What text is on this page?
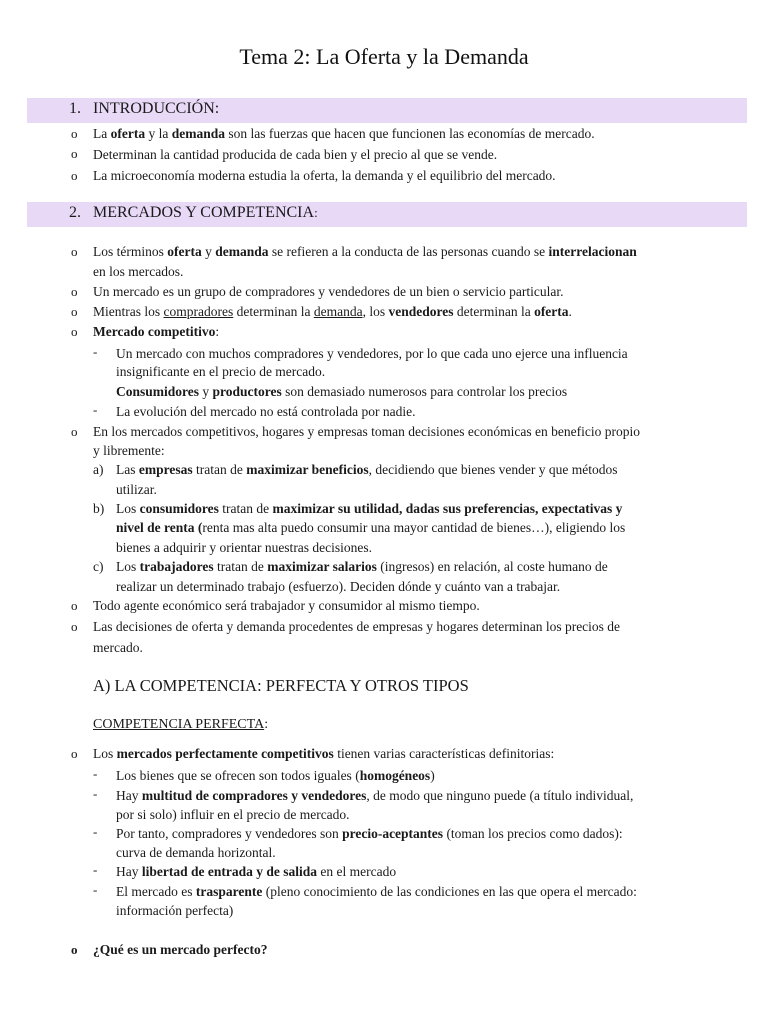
Tema 2: La Oferta y la Demanda
1. INTRODUCCIÓN:
o La oferta y la demanda son las fuerzas que hacen que funcionen las economías de mercado.
o Determinan la cantidad producida de cada bien y el precio al que se vende.
o La microeconomía moderna estudia la oferta, la demanda y el equilibrio del mercado.
2. MERCADOS Y COMPETENCIA:
o Los términos oferta y demanda se refieren a la conducta de las personas cuando se interrelacionan
en los mercados.
o Un mercado es un grupo de compradores y vendedores de un bien o servicio particular.
o Mientras los compradores determinan la demanda, los vendedores determinan la oferta.
o Mercado competitivo:
- Un mercado con muchos compradores y vendedores, por lo que cada uno ejerce una influencia
insignificante en el precio de mercado.
Consumidores y productores son demasiado numerosos para controlar los precios
- La evolución del mercado no está controlada por nadie.
o En los mercados competitivos, hogares y empresas toman decisiones económicas en beneficio propio
y libremente:
a) Las empresas tratan de maximizar beneficios, decidiendo que bienes vender y que métodos
utilizar.
b) Los consumidores tratan de maximizar su utilidad, dadas sus preferencias, expectativas y
nivel de renta (renta mas alta puedo consumir una mayor cantidad de bienes…), eligiendo los
bienes a adquirir y orientar nuestras decisiones.
c) Los trabajadores tratan de maximizar salarios (ingresos) en relación, al coste humano de
realizar un determinado trabajo (esfuerzo). Deciden dónde y cuánto van a trabajar.
o Todo agente económico será trabajador y consumidor al mismo tiempo.
o Las decisiones de oferta y demanda procedentes de empresas y hogares determinan los precios de
mercado.
A) LA COMPETENCIA: PERFECTA Y OTROS TIPOS
COMPETENCIA PERFECTA:
o Los mercados perfectamente competitivos tienen varias características definitorias:
- Los bienes que se ofrecen son todos iguales (homogéneos)
- Hay multitud de compradores y vendedores, de modo que ninguno puede (a título individual,
por si solo) influir en el precio de mercado.
- Por tanto, compradores y vendedores son precio-aceptantes (toman los precios como dados):
curva de demanda horizontal.
- Hay libertad de entrada y de salida en el mercado
- El mercado es trasparente (pleno conocimiento de las condiciones en las que opera el mercado:
información perfecta)
o ¿Qué es un mercado perfecto?
